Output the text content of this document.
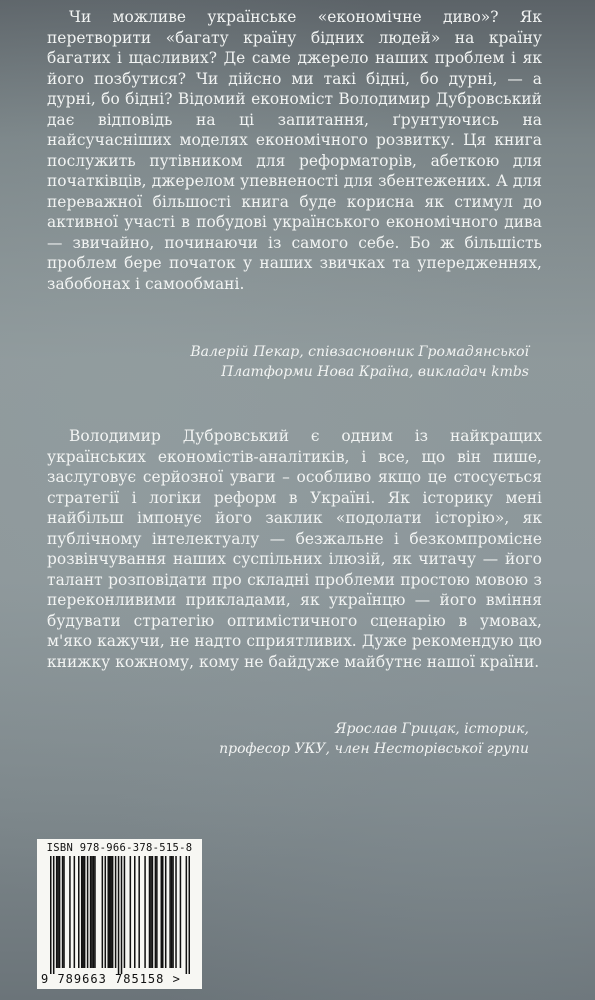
Чи можливе українське «економічне диво»? Як перетворити «багату країну бідних людей» на країну багатих і щасливих? Де саме джерело наших проблем і як його позбутися? Чи дійсно ми такі бідні, бо дурні, — а дурні, бо бідні? Відомий економіст Володимир Дубровський дає відповідь на ці запитання, ґрунтуючись на найсучасніших моделях економічного розвитку. Ця книга послужить путівником для реформаторів, абеткою для початківців, джерелом упевненості для збентежених. А для переважної більшості книга буде корисна як стимул до активної участі в побудові українського економічного дива — звичайно, починаючи із самого себе. Бо ж більшість проблем бере початок у наших звичках та упередженнях, забобонах і самообмані.

Валерій Пекар, співзасновник Громадянської
Платформи Нова Країна, викладач kmbs

Володимир Дубровський є одним із найкращих українських економістів-аналітиків, і все, що він пише, заслуговує серйозної уваги – особливо якщо це стосується стратегії і логіки реформ в Україні. Як історику мені найбільш імпонує його заклик «подолати історію», як публічному інтелектуалу — безжальне і безкомпромісне розвінчування наших суспільних ілюзій, як читачу — його талант розповідати про складні проблеми простою мовою з переконливими прикладами, як українцю — його вміння будувати стратегію оптимістичного сценарію в умовах, м'яко кажучи, не надто сприятливих. Дуже рекомендую цю книжку кожному, кому не байдуже майбутнє нашої країни.

Ярослав Грицак, історик,
професор УКУ, член Несторівської групи
ISBN 978-966-378-515-8
9 789663 785158 >
